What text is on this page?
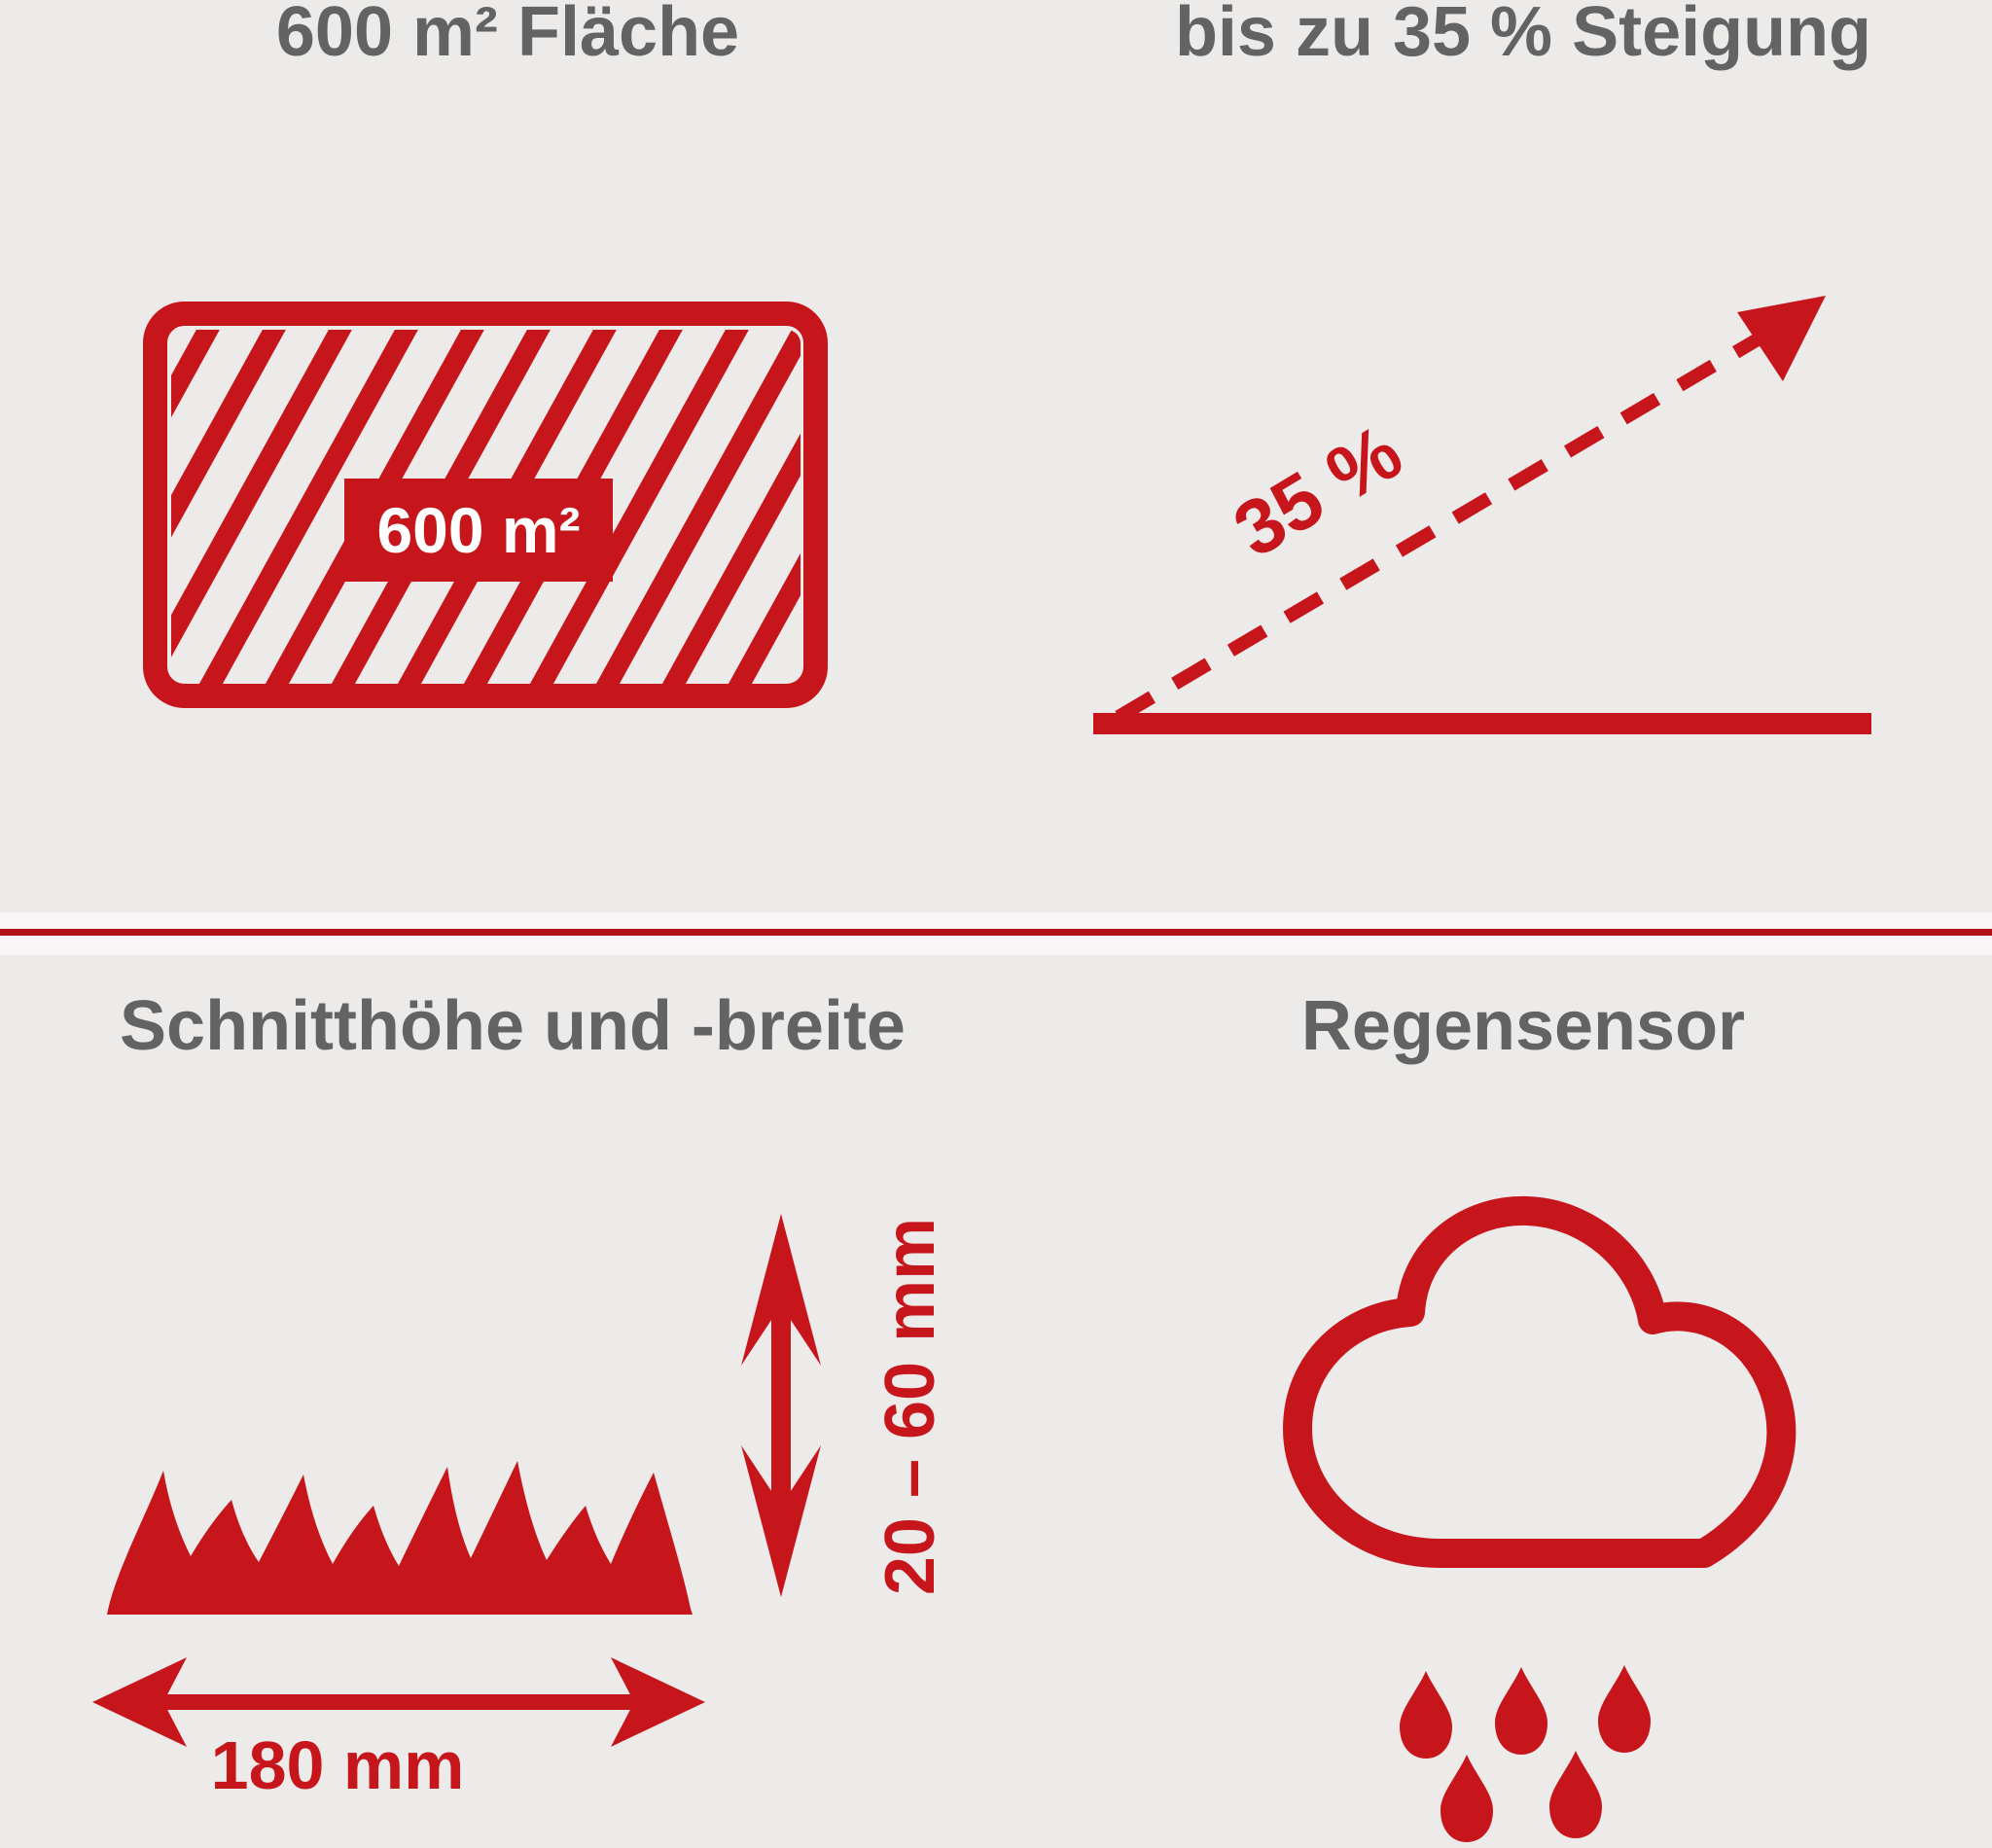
600 m² Fläche	bis zu 35 % Steigung
Schnitthöhe und -breite	Regensensor
600 m²	35 %
20 – 60 mm
180 mm
